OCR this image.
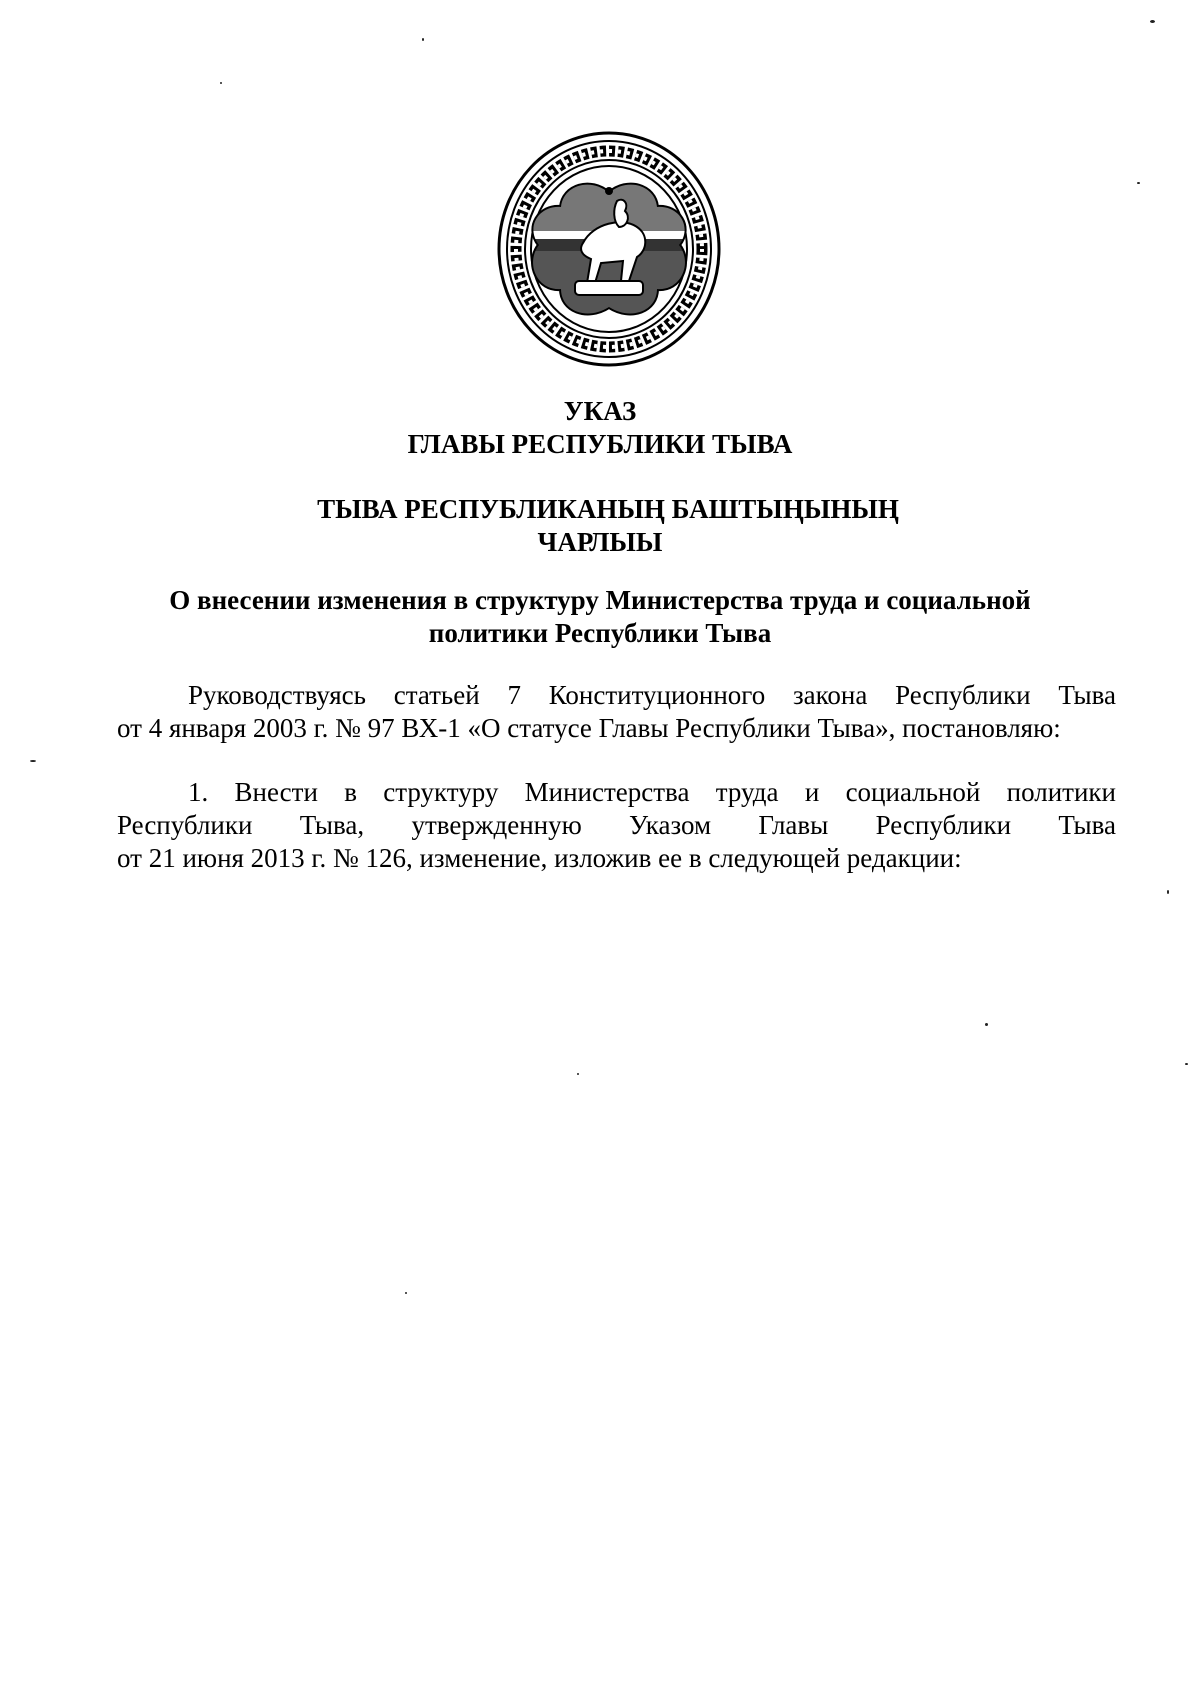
УКАЗ
ГЛАВЫ РЕСПУБЛИКИ ТЫВА
ТЫВА РЕСПУБЛИКАНЫҢ БАШТЫҢЫНЫҢ
ЧАРЛЫЫ
О внесении изменения в структуру Министерства труда и социальной
политики Республики Тыва
Руководствуясь статьей 7 Конституционного закона Республики Тыва
от 4 января 2003 г. № 97 ВХ-1 «О статусе Главы Республики Тыва», постановляю:
1. Внести в структуру Министерства труда и социальной политики
Республики Тыва, утвержденную Указом Главы Республики Тыва
от 21 июня 2013 г. № 126, изменение, изложив ее в следующей редакции:
